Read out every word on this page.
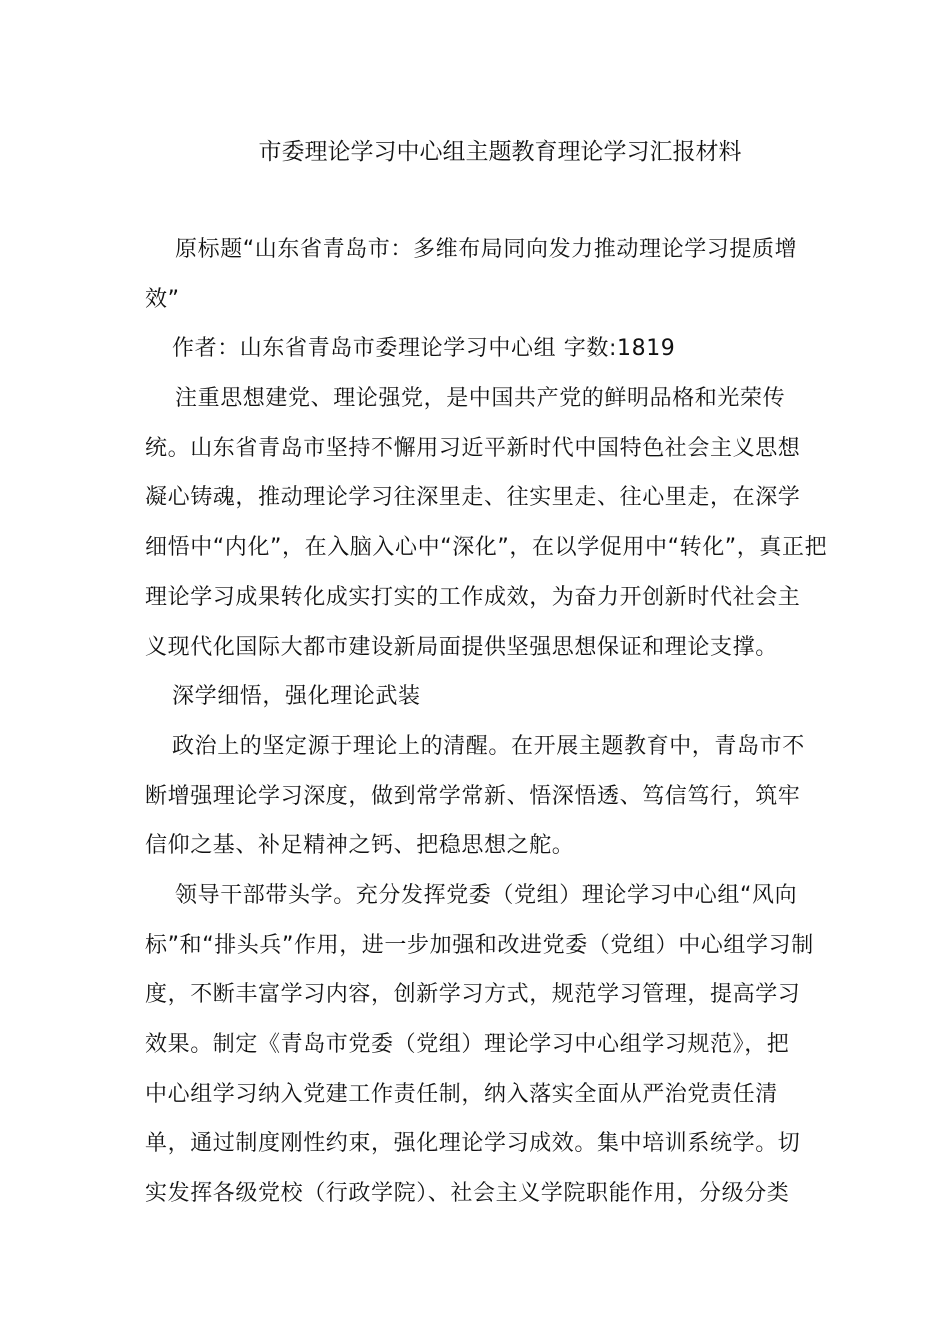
市委理论学习中心组主题教育理论学习汇报材料
原标题“山东省青岛市：多维布局同向发力推动理论学习提质增
效”
作者：山东省青岛市委理论学习中心组 字数:1819
注重思想建党、理论强党，是中国共产党的鲜明品格和光荣传
统。山东省青岛市坚持不懈用习近平新时代中国特色社会主义思想
凝心铸魂，推动理论学习往深里走、往实里走、往心里走，在深学
细悟中“内化”，在入脑入心中“深化”，在以学促用中“转化”，真正把
理论学习成果转化成实打实的工作成效，为奋力开创新时代社会主
义现代化国际大都市建设新局面提供坚强思想保证和理论支撑。
深学细悟，强化理论武装
政治上的坚定源于理论上的清醒。在开展主题教育中，青岛市不
断增强理论学习深度，做到常学常新、悟深悟透、笃信笃行，筑牢
信仰之基、补足精神之钙、把稳思想之舵。
领导干部带头学。充分发挥党委（党组）理论学习中心组“风向
标”和“排头兵”作用，进一步加强和改进党委（党组）中心组学习制
度，不断丰富学习内容，创新学习方式，规范学习管理，提高学习
效果。制定《青岛市党委（党组）理论学习中心组学习规范》，把
中心组学习纳入党建工作责任制，纳入落实全面从严治党责任清
单，通过制度刚性约束，强化理论学习成效。集中培训系统学。切
实发挥各级党校（行政学院）、社会主义学院职能作用，分级分类
